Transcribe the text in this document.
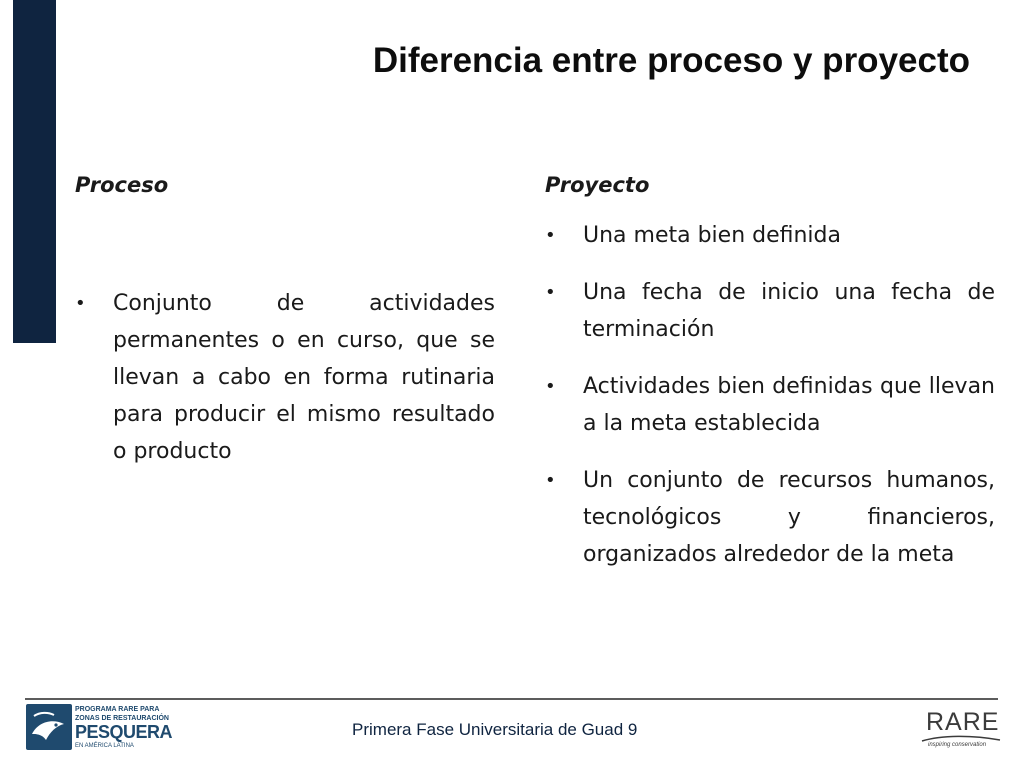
Diferencia entre proceso y proyecto

Proceso

• Conjunto de actividades permanentes o en curso, que se llevan a cabo en forma rutinaria para producir el mismo resultado o producto

Proyecto

• Una meta bien definida
• Una fecha de inicio una fecha de terminación
• Actividades bien definidas que llevan a la meta establecida
• Un conjunto de recursos humanos, tecnológicos y financieros, organizados alrededor de la meta
PROGRAMA RARE PARA
ZONAS DE RESTAURACIÓN
PESQUERA
EN AMÉRICA LATINA
Primera Fase Universitaria de Guad 9	RARE
inspiring conservation
